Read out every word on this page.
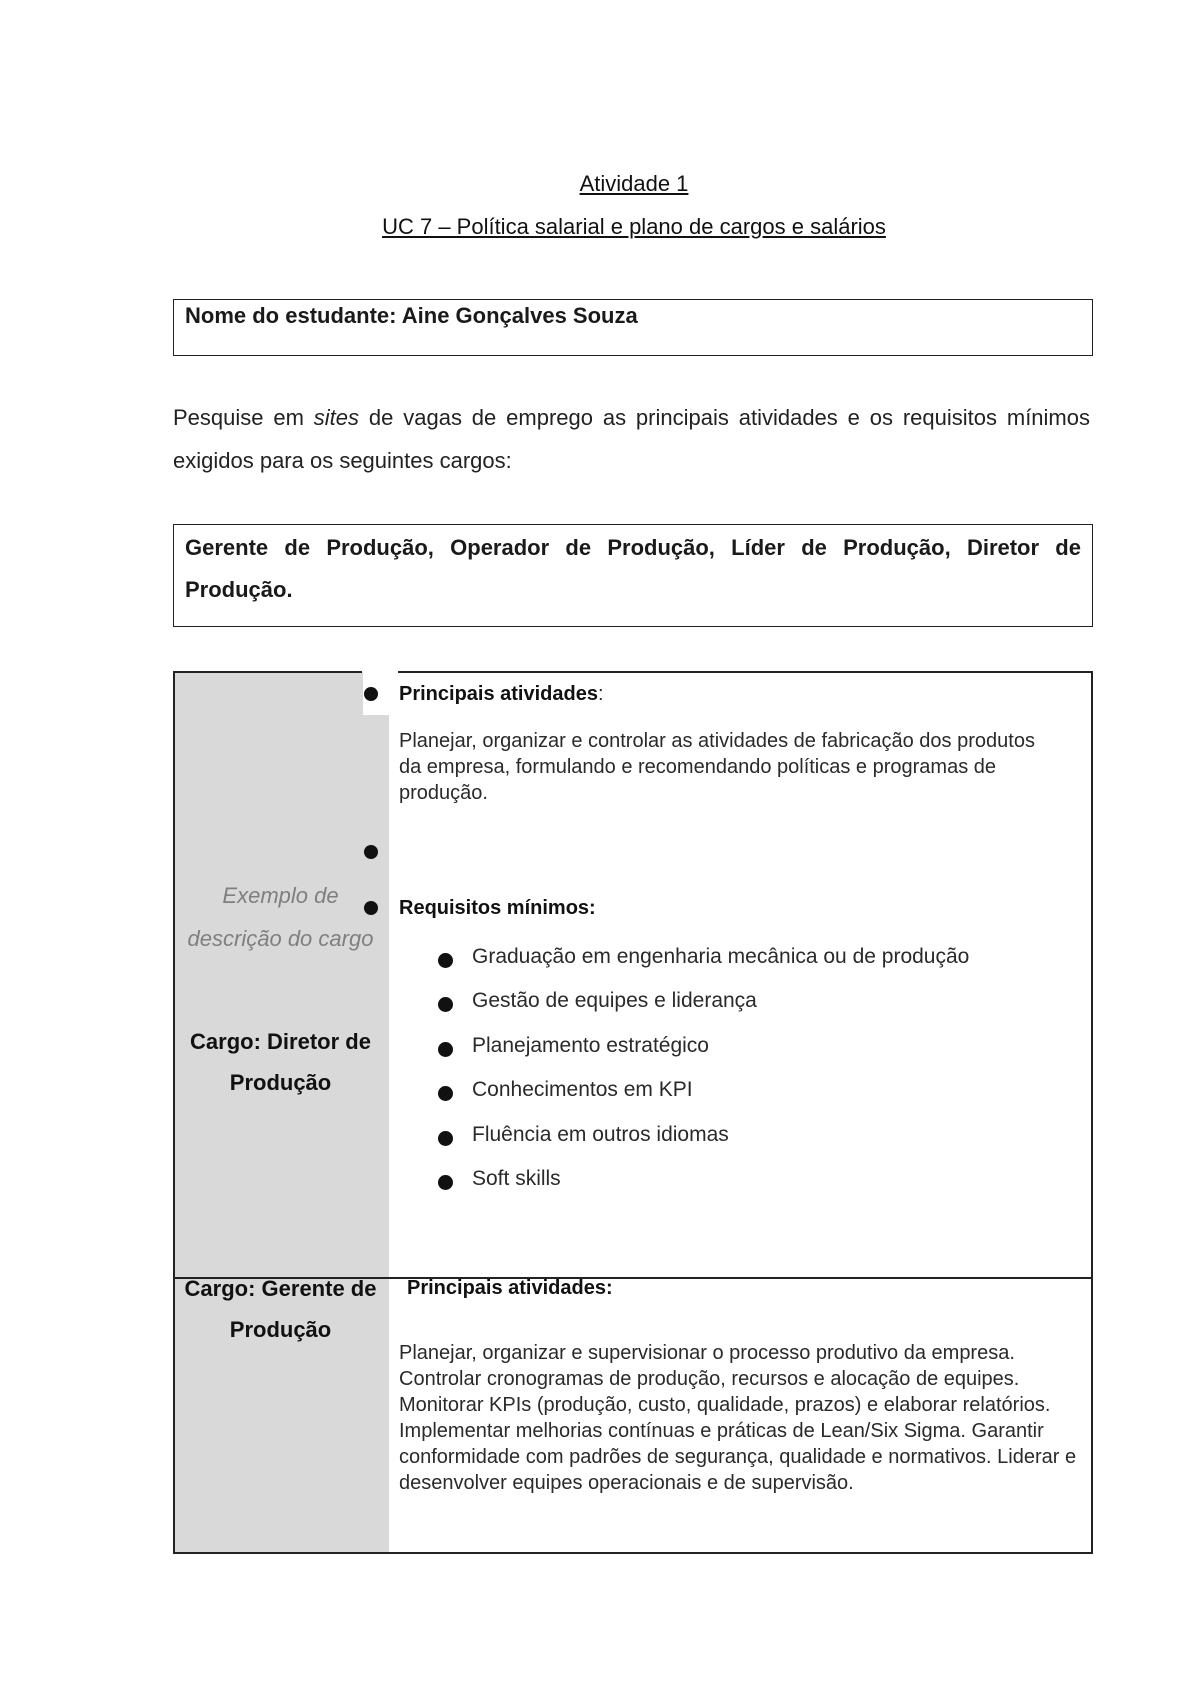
Atividade 1
UC 7 – Política salarial e plano de cargos e salários
Nome do estudante: Aine Gonçalves Souza
Pesquise em sites de vagas de emprego as principais atividades e os requisitos mínimos exigidos para os seguintes cargos:
Gerente de Produção, Operador de Produção, Líder de Produção, Diretor de Produção.
Exemplo de descrição do cargo
Cargo: Diretor de Produção
Principais atividades:
Planejar, organizar e controlar as atividades de fabricação dos produtos da empresa, formulando e recomendando políticas e programas de produção.
Requisitos mínimos:
Graduação em engenharia mecânica ou de produção
Gestão de equipes e liderança
Planejamento estratégico
Conhecimentos em KPI
Fluência em outros idiomas
Soft skills
Cargo: Gerente de Produção
Principais atividades:
Planejar, organizar e supervisionar o processo produtivo da empresa. Controlar cronogramas de produção, recursos e alocação de equipes. Monitorar KPIs (produção, custo, qualidade, prazos) e elaborar relatórios. Implementar melhorias contínuas e práticas de Lean/Six Sigma. Garantir conformidade com padrões de segurança, qualidade e normativos. Liderar e desenvolver equipes operacionais e de supervisão.
